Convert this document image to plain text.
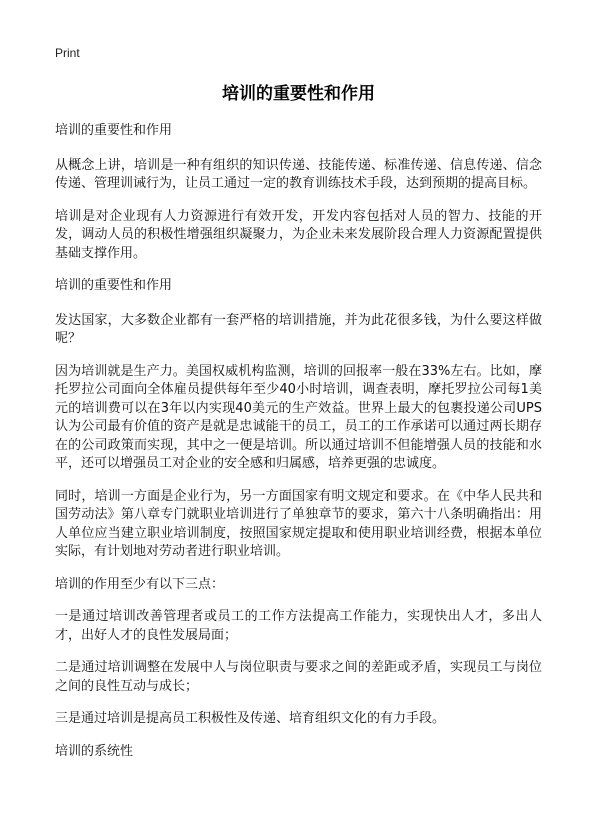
Print
培训的重要性和作用

培训的重要性和作用

从概念上讲，培训是一种有组织的知识传递、技能传递、标准传递、信息传递、信念传递、管理训诫行为，让员工通过一定的教育训练技术手段，达到预期的提高目标。

培训是对企业现有人力资源进行有效开发，开发内容包括对人员的智力、技能的开发，调动人员的积极性增强组织凝聚力，为企业未来发展阶段合理人力资源配置提供基础支撑作用。

培训的重要性和作用

发达国家，大多数企业都有一套严格的培训措施，并为此花很多钱，为什么要这样做呢？

因为培训就是生产力。美国权威机构监测，培训的回报率一般在33%左右。比如，摩托罗拉公司面向全体雇员提供每年至少40小时培训，调查表明，摩托罗拉公司每1美元的培训费可以在3年以内实现40美元的生产效益。世界上最大的包裹投递公司UPS认为公司最有价值的资产是就是忠诚能干的员工，员工的工作承诺可以通过两长期存在的公司政策而实现，其中之一便是培训。所以通过培训不但能增强人员的技能和水平，还可以增强员工对企业的安全感和归属感，培养更强的忠诚度。

同时，培训一方面是企业行为，另一方面国家有明文规定和要求。在《中华人民共和国劳动法》第八章专门就职业培训进行了单独章节的要求，第六十八条明确指出：用人单位应当建立职业培训制度，按照国家规定提取和使用职业培训经费，根据本单位实际，有计划地对劳动者进行职业培训。

培训的作用至少有以下三点：

一是通过培训改善管理者或员工的工作方法提高工作能力，实现快出人才，多出人才，出好人才的良性发展局面；

二是通过培训调整在发展中人与岗位职责与要求之间的差距或矛盾，实现员工与岗位之间的良性互动与成长；

三是通过培训是提高员工积极性及传递、培育组织文化的有力手段。

培训的系统性
